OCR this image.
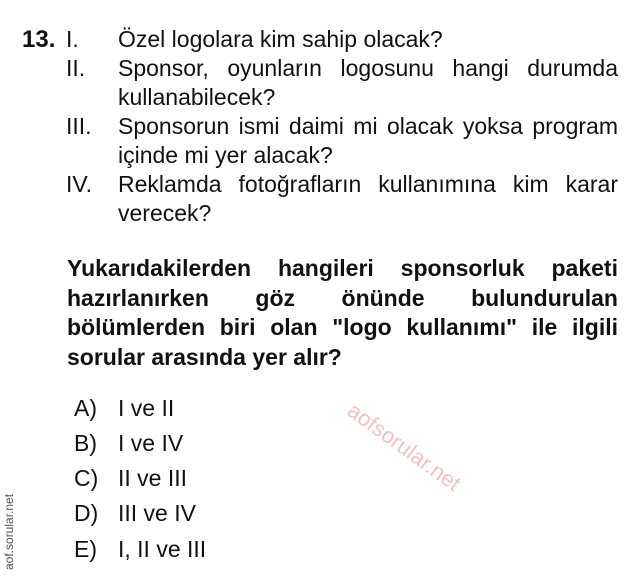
13. I. Özel logolara kim sahip olacak?
II. Sponsor, oyunların logosunu hangi durumda kullanabilecek?
III. Sponsorun ismi daimi mi olacak yoksa program içinde mi yer alacak?
IV. Reklamda fotoğrafların kullanımına kim karar verecek?
Yukarıdakilerden hangileri sponsorluk paketi hazırlanırken göz önünde bulundurulan bölümlerden biri olan "logo kullanımı" ile ilgili sorular arasında yer alır?
aofsorular.net
A) I ve II
B) I ve IV
C) II ve III
D) III ve IV
E) I, II ve III
aof.sorular.net
